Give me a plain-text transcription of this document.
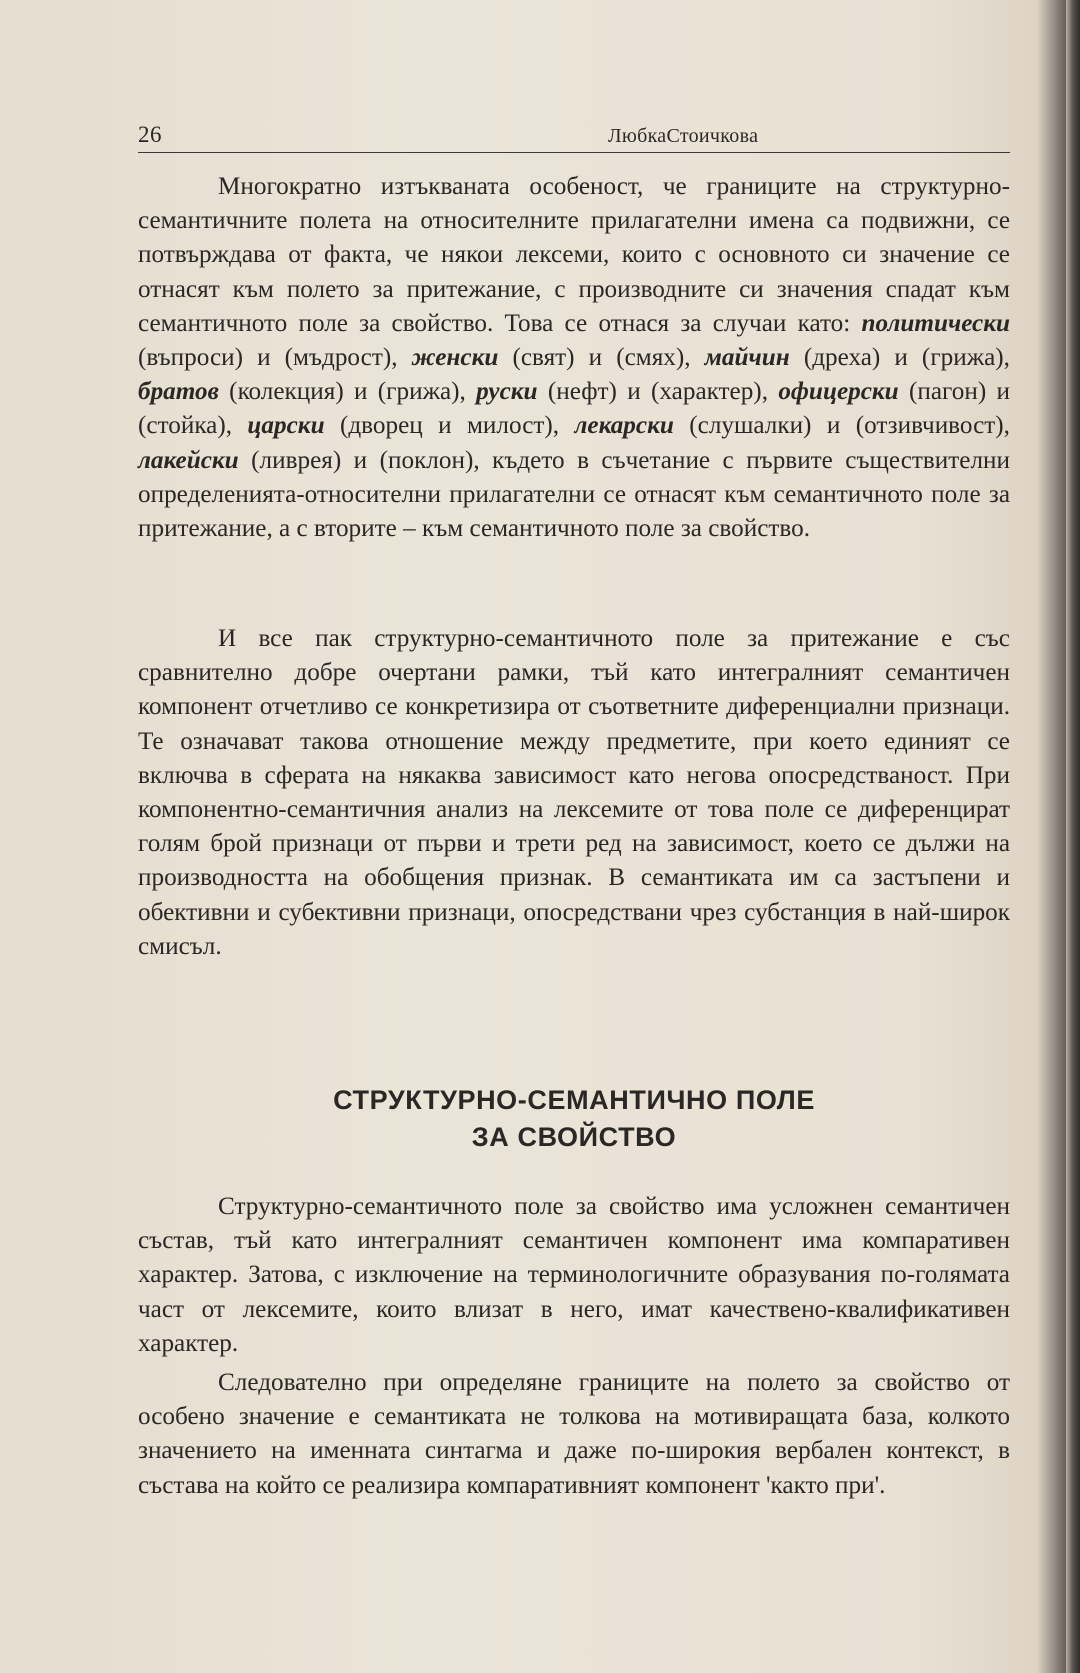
26	ЛюбкаСтоичкова

Многократно изтъкваната особеност, че границите на структурно-семантичните полета на относителните прилагателни имена са подвижни, се потвърждава от факта, че някои лексеми, които с основното си значение се отнасят към полето за притежание, с производните си значения спадат към семантичното поле за свойство. Това се отнася за случаи като: политически (въпроси) и (мъдрост), женски (свят) и (смях), майчин (дреха) и (грижа), братов (колекция) и (грижа), руски (нефт) и (характер), офицерски (пагон) и (стойка), царски (дворец и милост), лекарски (слушалки) и (отзивчивост), лакейски (ливрея) и (поклон), където в съчетание с първите съществителни определенията-относителни прилагателни се отнасят към семантичното поле за притежание, а с вторите – към семантичното поле за свойство.

И все пак структурно-семантичното поле за притежание е със сравнително добре очертани рамки, тъй като интегралният семантичен компонент отчетливо се конкретизира от съответните диференциални признаци. Те означават такова отношение между предметите, при което единият се включва в сферата на някаква зависимост като негова опосредстваност. При компонентно-семантичния анализ на лексемите от това поле се диференцират голям брой признаци от първи и трети ред на зависимост, което се дължи на производността на обобщения признак. В семантиката им са застъпени и обективни и субективни признаци, опосредствани чрез субстанция в най-широк смисъл.

СТРУКТУРНО-СЕМАНТИЧНО ПОЛЕ
ЗА СВОЙСТВО

Структурно-семантичното поле за свойство има усложнен семантичен състав, тъй като интегралният семантичен компонент има компаративен характер. Затова, с изключение на терминологичните образувания по-голямата част от лексемите, които влизат в него, имат качествено-квалификативен характер.

Следователно при определяне границите на полето за свойство от особено значение е семантиката не толкова на мотивиращата база, колкото значението на именната синтагма и даже по-широкия вербален контекст, в състава на който се реализира компаративният компонент 'както при'.
